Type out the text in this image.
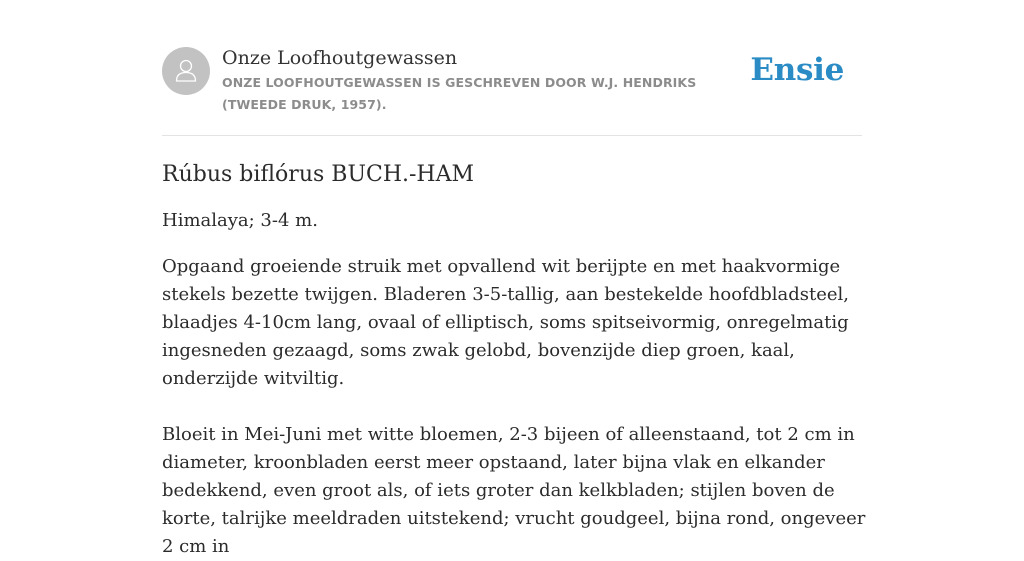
Onze Loofhoutgewassen
ONZE LOOFHOUTGEWASSEN IS GESCHREVEN DOOR W.J. HENDRIKS (TWEEDE DRUK, 1957).
Ensie
Rúbus biflórus BUCH.-HAM

Himalaya; 3-4 m.

Opgaand groeiende struik met opvallend wit berijpte en met haakvormige stekels bezette twijgen. Bladeren 3-5-tallig, aan bestekelde hoofdbladsteel, blaadjes 4-10cm lang, ovaal of elliptisch, soms spitseivormig, onregelmatig ingesneden gezaagd, soms zwak gelobd, bovenzijde diep groen, kaal, onderzijde witviltig.

Bloeit in Mei-Juni met witte bloemen, 2-3 bijeen of alleenstaand, tot 2 cm in diameter, kroonbladen eerst meer opstaand, later bijna vlak en elkander bedekkend, even groot als, of iets groter dan kelkbladen; stijlen boven de korte, talrijke meeldraden uitstekend; vrucht goudgeel, bijna rond, ongeveer 2 cm in
